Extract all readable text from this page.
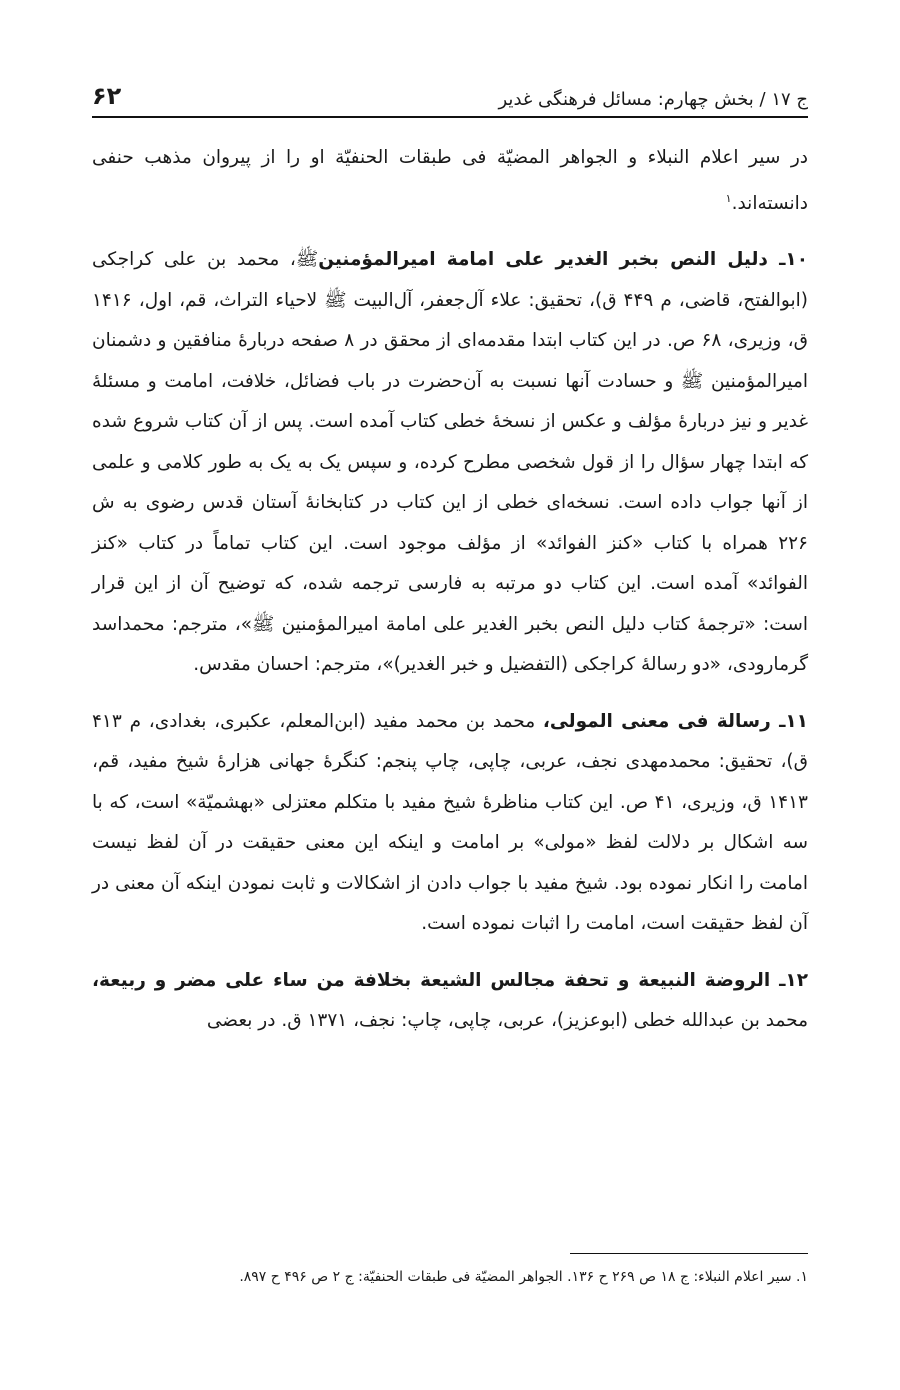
ج ۱۷ / بخش چهارم: مسائل فرهنگی غدیر
۶۲

در سیر اعلام النبلاء و الجواهر المضیّة فی طبقات الحنفیّة او را از پیروان مذهب حنفی دانسته‌اند.$^۱$

۱۰ـ دلیل النص بخبر الغدیر علی امامة امیرالمؤمنینﷺ، محمد بن علی کراجکی (ابوالفتح، قاضی، م ۴۴۹ ق)، تحقیق: علاء آل‌جعفر، آل‌البیت ﷺ لاحیاء التراث، قم، اول، ۱۴۱۶ ق، وزیری، ۶۸ ص. در این کتاب ابتدا مقدمه‌ای از محقق در ۸ صفحه دربارهٔ منافقین و دشمنان امیرالمؤمنین ﷺ و حسادت آنها نسبت به آن‌حضرت در باب فضائل، خلافت، امامت و مسئلهٔ غدیر و نیز دربارهٔ مؤلف و عکس از نسخهٔ خطی کتاب آمده است. پس از آن کتاب شروع شده که ابتدا چهار سؤال را از قول شخصی مطرح کرده، و سپس یک به یک به طور کلامی و علمی از آنها جواب داده است. نسخه‌ای خطی از این کتاب در کتابخانهٔ آستان قدس رضوی به ش ۲۲۶ همراه با کتاب «کنز الفوائد» از مؤلف موجود است. این کتاب تماماً در کتاب «کنز الفوائد» آمده است. این کتاب دو مرتبه به فارسی ترجمه شده، که توضیح آن از این قرار است: «ترجمهٔ کتاب دلیل النص بخبر الغدیر علی امامة امیرالمؤمنین ﷺ»، مترجم: محمداسد گرمارودی، «دو رسالهٔ کراجکی (التفضیل و خبر الغدیر)»، مترجم: احسان مقدس.

۱۱ـ رسالة فی معنی المولی، محمد بن محمد مفید (ابن‌المعلم، عکبری، بغدادی، م ۴۱۳ ق)، تحقیق: محمدمهدی نجف، عربی، چاپی، چاپ پنجم: کنگرهٔ جهانی هزارهٔ شیخ مفید، قم، ۱۴۱۳ ق، وزیری، ۴۱ ص. این کتاب مناظرهٔ شیخ مفید با متکلم معتزلی «بهشمیّة» است، که با سه اشکال بر دلالت لفظ «مولی» بر امامت و اینکه این معنی حقیقت در آن لفظ نیست امامت را انکار نموده بود. شیخ مفید با جواب دادن از اشکالات و ثابت نمودن اینکه آن معنی در آن لفظ حقیقت است، امامت را اثبات نموده است.

۱۲ـ الروضة النبیعة و تحفة مجالس الشیعة بخلافة من ساء علی مضر و ربیعة، محمد بن عبدالله خطی (ابوعزیز)، عربی، چاپی، چاپ: نجف، ۱۳۷۱ ق. در بعضی

۱. سیر اعلام النبلاء: ج ۱۸ ص ۲۶۹ ح ۱۳۶. الجواهر المضیّة فی طبقات الحنفیّة: ج ۲ ص ۴۹۶ ح ۸۹۷.
